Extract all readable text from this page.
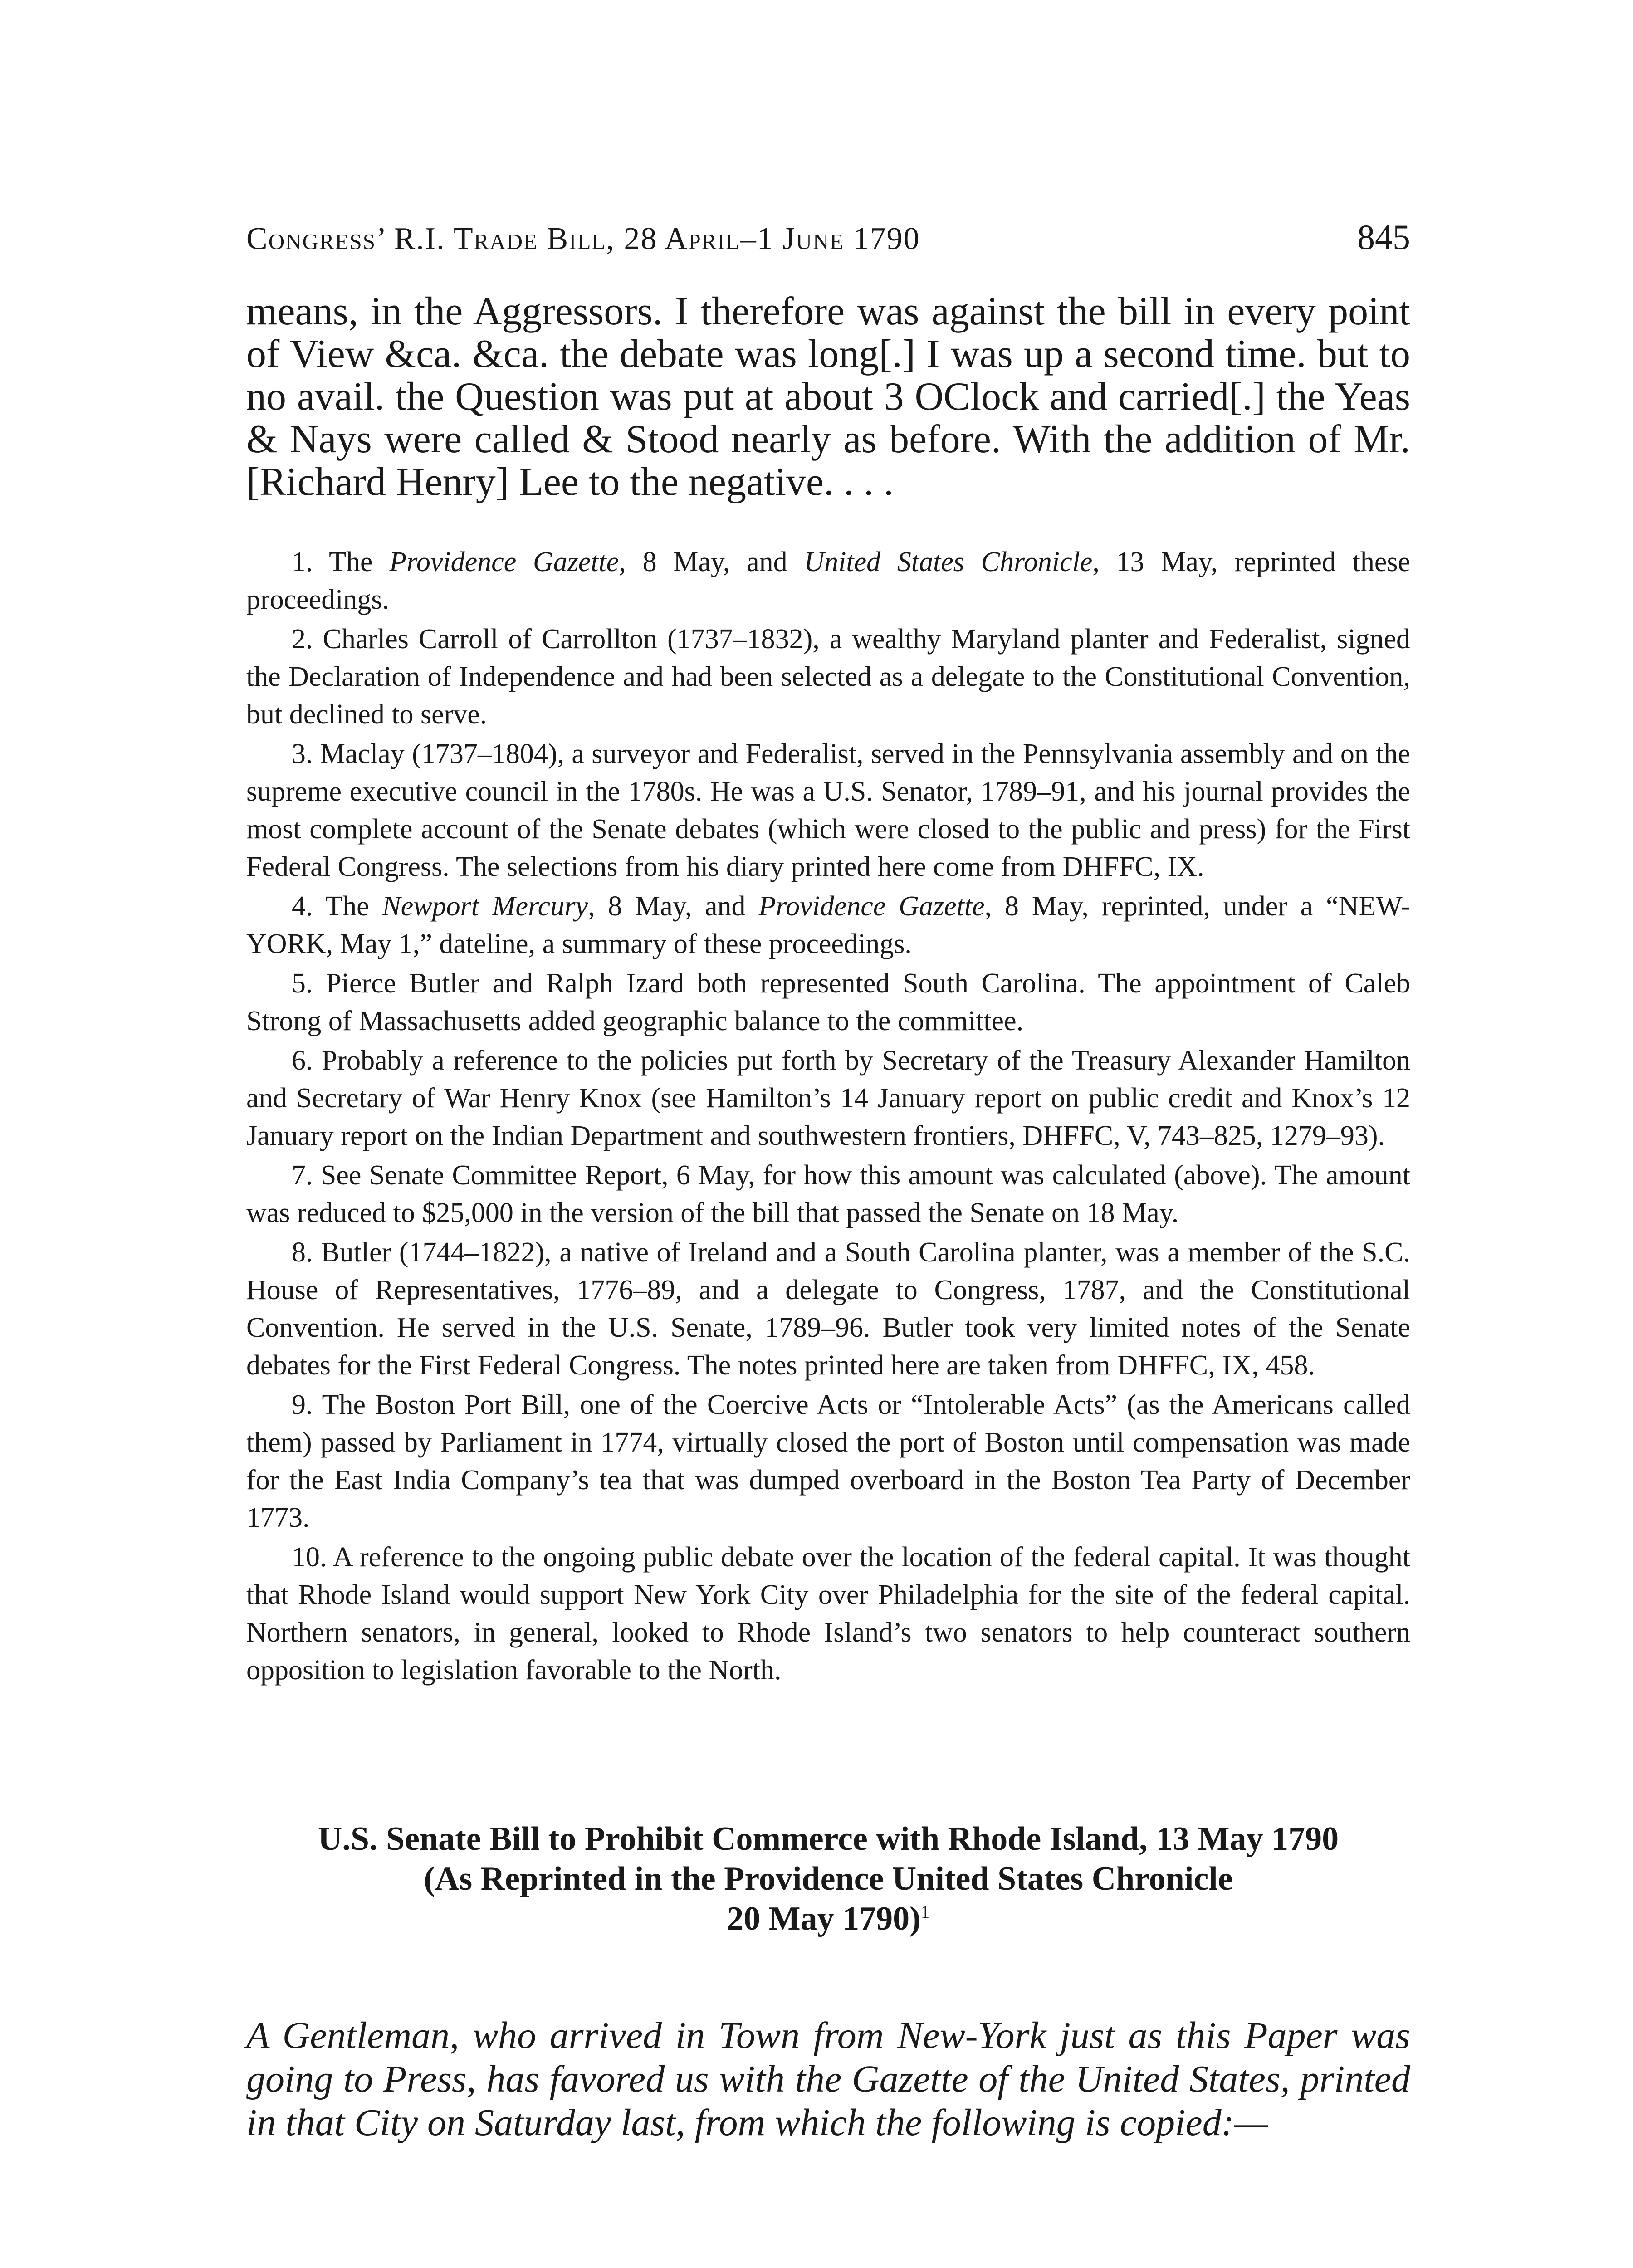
Congress’ R.I. Trade Bill, 28 April–1 June 1790	845

means, in the Aggressors. I therefore was against the bill in every point of View &ca. &ca. the debate was long[.] I was up a second time. but to no avail. the Question was put at about 3 OClock and carried[.] the Yeas & Nays were called & Stood nearly as before. With the addition of Mr. [Richard Henry] Lee to the negative. . . .

1. The Providence Gazette, 8 May, and United States Chronicle, 13 May, reprinted these proceedings.
2. Charles Carroll of Carrollton (1737–1832), a wealthy Maryland planter and Federalist, signed the Declaration of Independence and had been selected as a delegate to the Constitutional Convention, but declined to serve.
3. Maclay (1737–1804), a surveyor and Federalist, served in the Pennsylvania assembly and on the supreme executive council in the 1780s. He was a U.S. Senator, 1789–91, and his journal provides the most complete account of the Senate debates (which were closed to the public and press) for the First Federal Congress. The selections from his diary printed here come from DHFFC, IX.
4. The Newport Mercury, 8 May, and Providence Gazette, 8 May, reprinted, under a “NEW-YORK, May 1,” dateline, a summary of these proceedings.
5. Pierce Butler and Ralph Izard both represented South Carolina. The appointment of Caleb Strong of Massachusetts added geographic balance to the committee.
6. Probably a reference to the policies put forth by Secretary of the Treasury Alexander Hamilton and Secretary of War Henry Knox (see Hamilton’s 14 January report on public credit and Knox’s 12 January report on the Indian Department and southwestern frontiers, DHFFC, V, 743–825, 1279–93).
7. See Senate Committee Report, 6 May, for how this amount was calculated (above). The amount was reduced to $25,000 in the version of the bill that passed the Senate on 18 May.
8. Butler (1744–1822), a native of Ireland and a South Carolina planter, was a member of the S.C. House of Representatives, 1776–89, and a delegate to Congress, 1787, and the Constitutional Convention. He served in the U.S. Senate, 1789–96. Butler took very limited notes of the Senate debates for the First Federal Congress. The notes printed here are taken from DHFFC, IX, 458.
9. The Boston Port Bill, one of the Coercive Acts or “Intolerable Acts” (as the Americans called them) passed by Parliament in 1774, virtually closed the port of Boston until compensation was made for the East India Company’s tea that was dumped overboard in the Boston Tea Party of December 1773.
10. A reference to the ongoing public debate over the location of the federal capital. It was thought that Rhode Island would support New York City over Philadelphia for the site of the federal capital. Northern senators, in general, looked to Rhode Island’s two senators to help counteract southern opposition to legislation favorable to the North.
U.S. Senate Bill to Prohibit Commerce with Rhode Island, 13 May 1790
(As Reprinted in the Providence United States Chronicle
20 May 1790)$^1$

A Gentleman, who arrived in Town from New-York just as this Paper was going to Press, has favored us with the Gazette of the United States, printed in that City on Saturday last, from which the following is copied:—
